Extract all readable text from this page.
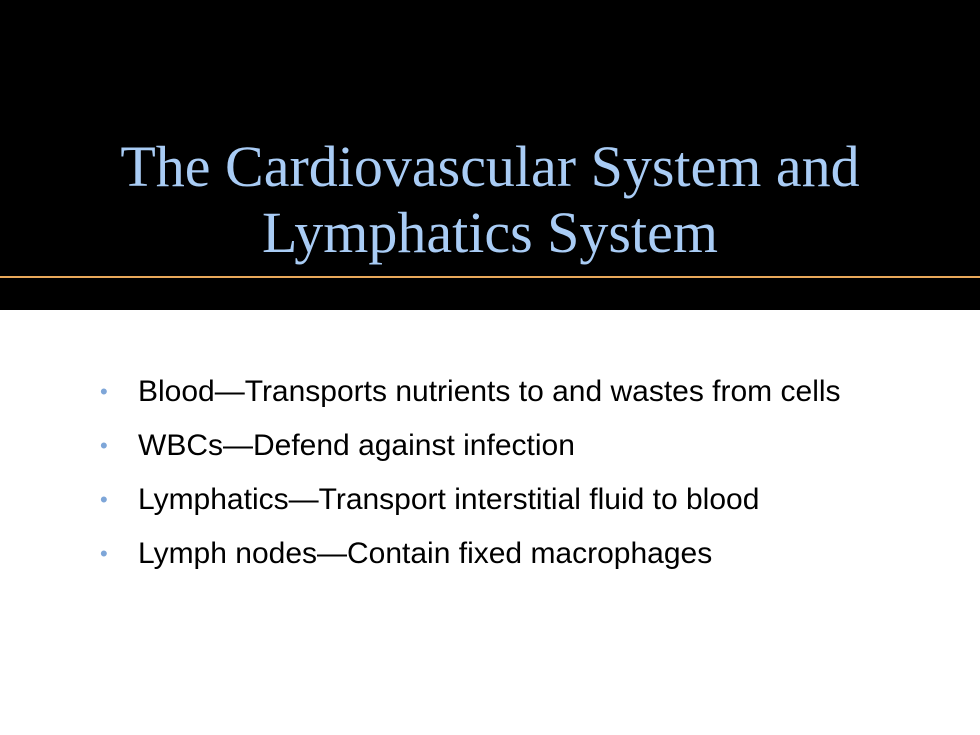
The Cardiovascular System and
Lymphatics System
• Blood—Transports nutrients to and wastes from cells
• WBCs—Defend against infection
• Lymphatics—Transport interstitial fluid to blood
• Lymph nodes—Contain fixed macrophages
